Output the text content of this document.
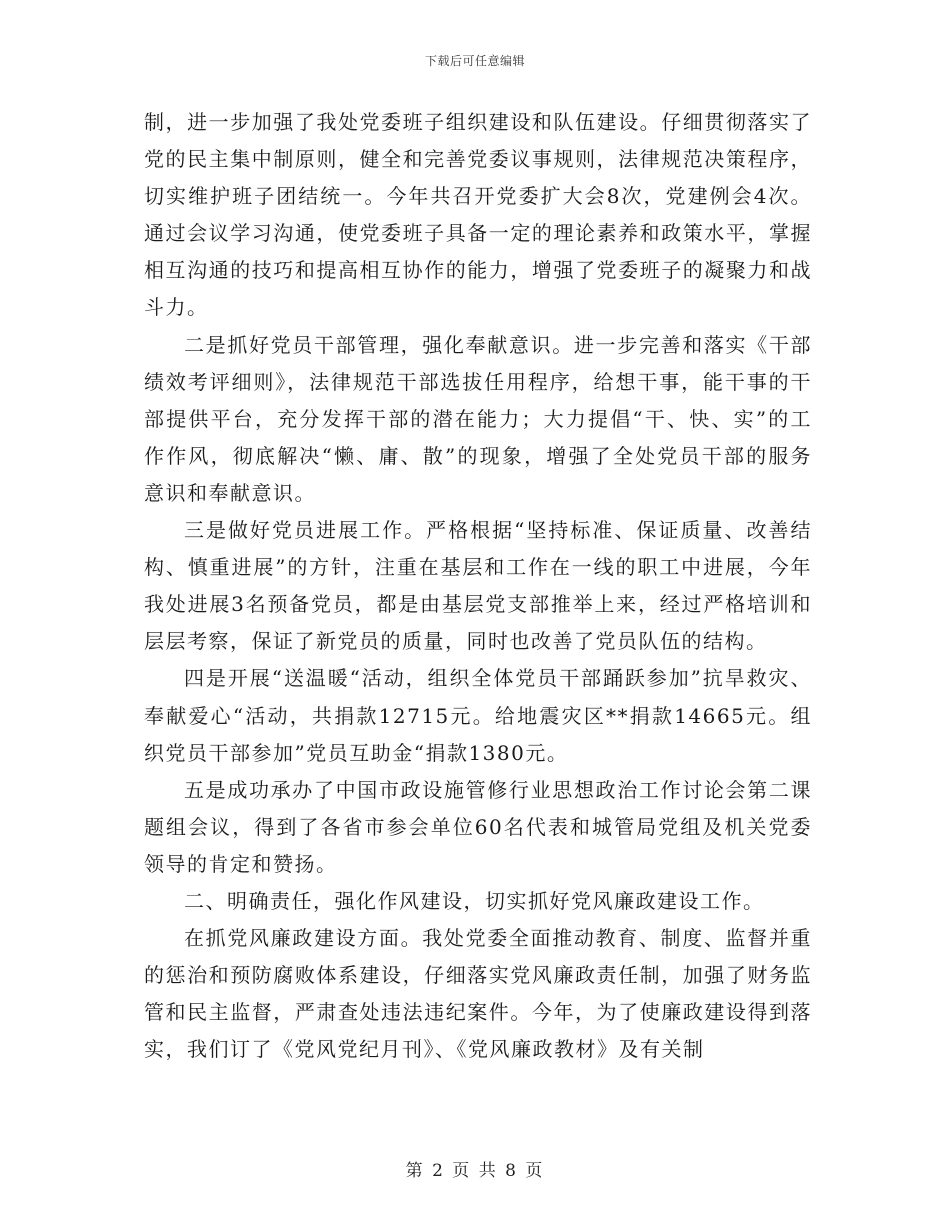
下载后可任意编辑

制，进一步加强了我处党委班子组织建设和队伍建设。仔细贯彻落实了党的民主集中制原则，健全和完善党委议事规则，法律规范决策程序，切实维护班子团结统一。今年共召开党委扩大会8次，党建例会4次。通过会议学习沟通，使党委班子具备一定的理论素养和政策水平，掌握相互沟通的技巧和提高相互协作的能力，增强了党委班子的凝聚力和战斗力。

二是抓好党员干部管理，强化奉献意识。进一步完善和落实《干部绩效考评细则》，法律规范干部选拔任用程序，给想干事，能干事的干部提供平台，充分发挥干部的潜在能力；大力提倡“干、快、实”的工作作风，彻底解决“懒、庸、散”的现象，增强了全处党员干部的服务意识和奉献意识。

三是做好党员进展工作。严格根据“坚持标准、保证质量、改善结构、慎重进展”的方针，注重在基层和工作在一线的职工中进展，今年我处进展3名预备党员，都是由基层党支部推举上来，经过严格培训和层层考察，保证了新党员的质量，同时也改善了党员队伍的结构。

四是开展“送温暖“活动，组织全体党员干部踊跃参加”抗旱救灾、奉献爱心“活动，共捐款12715元。给地震灾区**捐款14665元。组织党员干部参加”党员互助金“捐款1380元。

五是成功承办了中国市政设施管修行业思想政治工作讨论会第二课题组会议，得到了各省市参会单位60名代表和城管局党组及机关党委领导的肯定和赞扬。

二、明确责任，强化作风建设，切实抓好党风廉政建设工作。

在抓党风廉政建设方面。我处党委全面推动教育、制度、监督并重的惩治和预防腐败体系建设，仔细落实党风廉政责任制，加强了财务监管和民主监督，严肃查处违法违纪案件。今年，为了使廉政建设得到落实，我们订了《党风党纪月刊》、《党风廉政教材》及有关制

第 2 页 共 8 页
